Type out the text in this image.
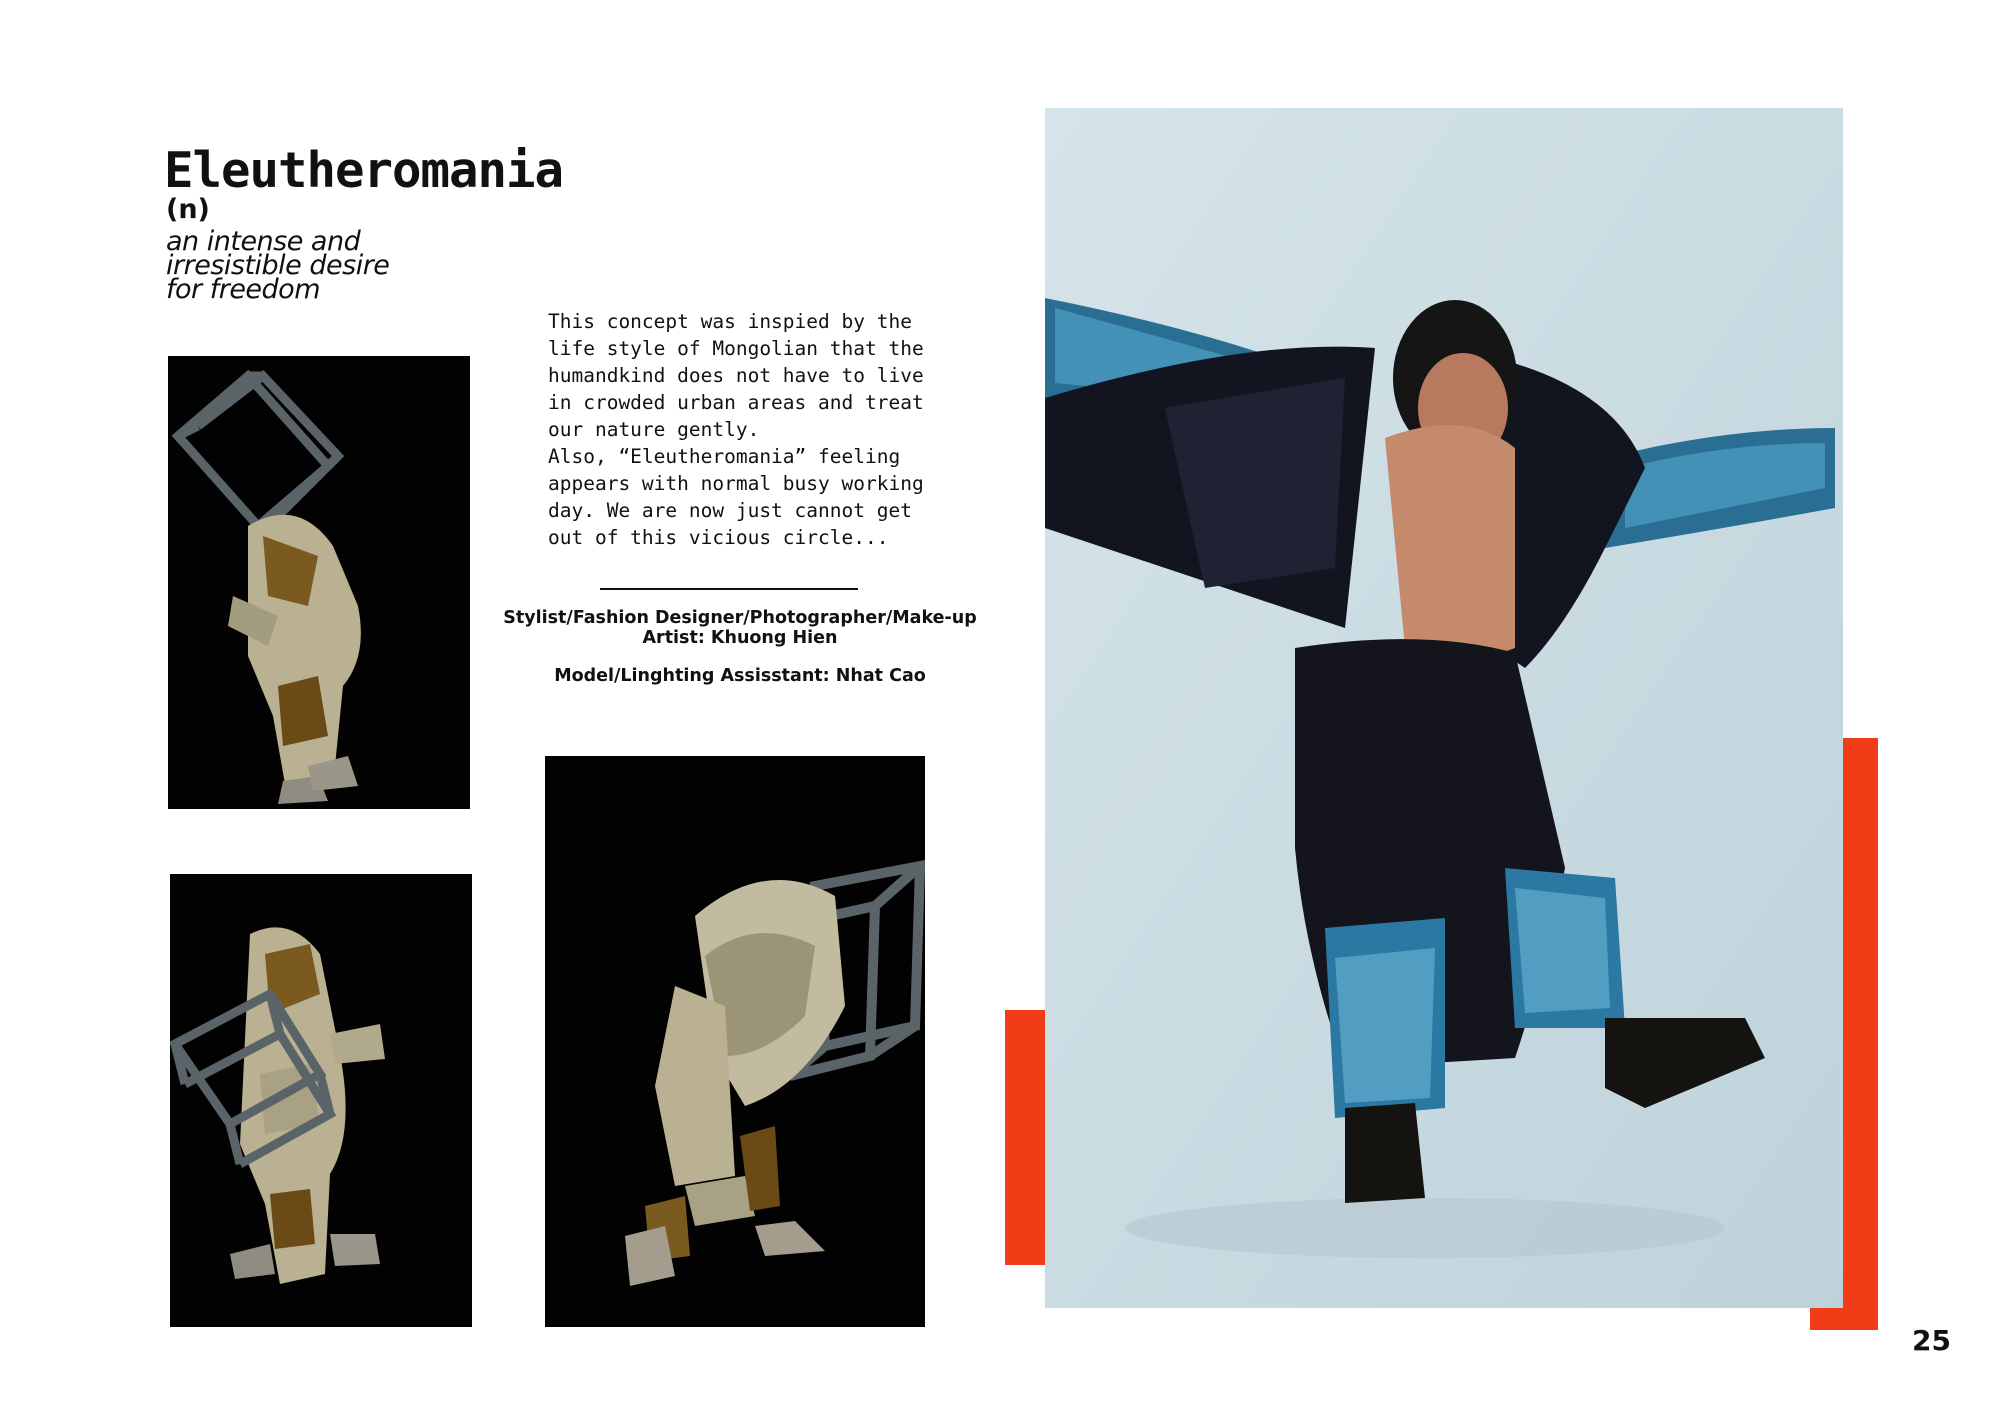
Eleutheromania
(n)
an intense and
irresistible desire
for freedom
This concept was inspied by the
life style of Mongolian that the
humandkind does not have to live
in crowded urban areas and treat
our nature gently.
Also, “Eleutheromania” feeling
appears with normal busy working
day. We are now just cannot get
out of this vicious circle...
Stylist/Fashion Designer/Photographer/Make-up
Artist: Khuong Hien
Model/Linghting Assisstant: Nhat Cao
25
